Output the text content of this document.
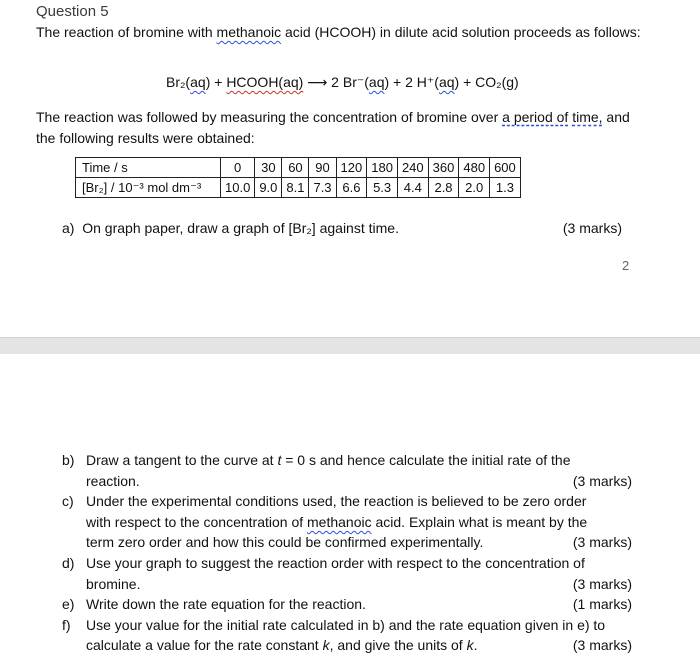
Question 5
The reaction of bromine with methanoic acid (HCOOH) in dilute acid solution proceeds as follows:
Br₂(aq) + HCOOH(aq) ⟶ 2 Br⁻(aq) + 2 H⁺(aq) + CO₂(g)
The reaction was followed by measuring the concentration of bromine over a period of time, and the following results were obtained:
Time / s	0	30	60	90	120	180	240	360	480	600
[Br₂] / 10⁻³ mol dm⁻³	10.0	9.0	8.1	7.3	6.6	5.3	4.4	2.8	2.0	1.3
a) On graph paper, draw a graph of [Br₂] against time.	(3 marks)
2
b) Draw a tangent to the curve at t = 0 s and hence calculate the initial rate of the
reaction.	(3 marks)
c) Under the experimental conditions used, the reaction is believed to be zero order
with respect to the concentration of methanoic acid. Explain what is meant by the
term zero order and how this could be confirmed experimentally.	(3 marks)
d) Use your graph to suggest the reaction order with respect to the concentration of
bromine.	(3 marks)
e) Write down the rate equation for the reaction.	(1 marks)
f)	Use your value for the initial rate calculated in b) and the rate equation given in e) to
calculate a value for the rate constant k, and give the units of k.	(3 marks)
